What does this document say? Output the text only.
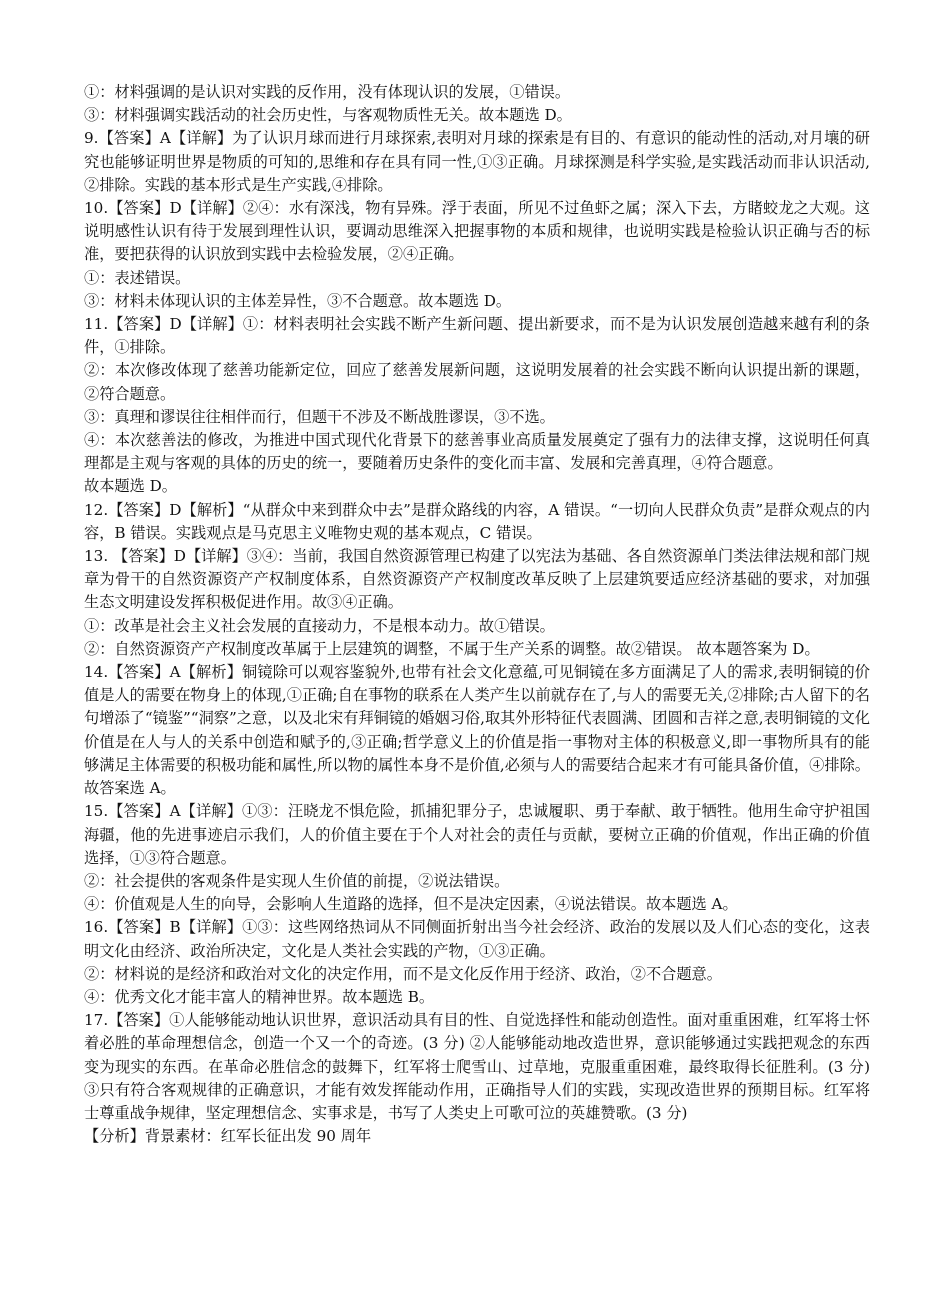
①：材料强调的是认识对实践的反作用，没有体现认识的发展，①错误。

③：材料强调实践活动的社会历史性，与客观物质性无关。故本题选 D。

9.【答案】A【详解】为了认识月球而进行月球探索,表明对月球的探索是有目的、有意识的能动性的活动,对月壤的研究也能够证明世界是物质的可知的,思维和存在具有同一性,①③正确。月球探测是科学实验,是实践活动而非认识活动,②排除。实践的基本形式是生产实践,④排除。

10.【答案】D【详解】②④：水有深浅，物有异殊。浮于表面，所见不过鱼虾之属；深入下去，方睹蛟龙之大观。这说明感性认识有待于发展到理性认识，要调动思维深入把握事物的本质和规律，也说明实践是检验认识正确与否的标准，要把获得的认识放到实践中去检验发展，②④正确。

①：表述错误。

③：材料未体现认识的主体差异性，③不合题意。故本题选 D。

11.【答案】D【详解】①：材料表明社会实践不断产生新问题、提出新要求，而不是为认识发展创造越来越有利的条件，①排除。

②：本次修改体现了慈善功能新定位，回应了慈善发展新问题，这说明发展着的社会实践不断向认识提出新的课题，②符合题意。

③：真理和谬误往往相伴而行，但题干不涉及不断战胜谬误，③不选。

④：本次慈善法的修改，为推进中国式现代化背景下的慈善事业高质量发展奠定了强有力的法律支撑，这说明任何真理都是主观与客观的具体的历史的统一，要随着历史条件的变化而丰富、发展和完善真理，④符合题意。

故本题选 D。

12.【答案】D【解析】“从群众中来到群众中去”是群众路线的内容，A 错误。“一切向人民群众负责”是群众观点的内容，B 错误。实践观点是马克思主义唯物史观的基本观点，C 错误。

13. 【答案】D【详解】③④：当前，我国自然资源管理已构建了以宪法为基础、各自然资源单门类法律法规和部门规章为骨干的自然资源资产产权制度体系，自然资源资产产权制度改革反映了上层建筑要适应经济基础的要求，对加强生态文明建设发挥积极促进作用。故③④正确。

①：改革是社会主义社会发展的直接动力，不是根本动力。故①错误。

②：自然资源资产产权制度改革属于上层建筑的调整，不属于生产关系的调整。故②错误。 故本题答案为 D。

14.【答案】A【解析】铜镜除可以观容鉴貌外,也带有社会文化意蕴,可见铜镜在多方面满足了人的需求,表明铜镜的价值是人的需要在物身上的体现,①正确;自在事物的联系在人类产生以前就存在了,与人的需要无关,②排除;古人留下的名句增添了“镜鉴”“洞察”之意，以及北宋有拜铜镜的婚姻习俗,取其外形特征代表圆满、团圆和吉祥之意,表明铜镜的文化价值是在人与人的关系中创造和赋予的,③正确;哲学意义上的价值是指一事物对主体的积极意义,即一事物所具有的能够满足主体需要的积极功能和属性,所以物的属性本身不是价值,必须与人的需要结合起来才有可能具备价值，④排除。故答案选 A。

15.【答案】A【详解】①③：汪晓龙不惧危险，抓捕犯罪分子，忠诚履职、勇于奉献、敢于牺牲。他用生命守护祖国海疆，他的先进事迹启示我们，人的价值主要在于个人对社会的责任与贡献，要树立正确的价值观，作出正确的价值选择，①③符合题意。

②：社会提供的客观条件是实现人生价值的前提，②说法错误。

④：价值观是人生的向导，会影响人生道路的选择，但不是决定因素，④说法错误。故本题选 A。

16.【答案】B【详解】①③：这些网络热词从不同侧面折射出当今社会经济、政治的发展以及人们心态的变化，这表明文化由经济、政治所决定，文化是人类社会实践的产物，①③正确。

②：材料说的是经济和政治对文化的决定作用，而不是文化反作用于经济、政治，②不合题意。

④：优秀文化才能丰富人的精神世界。故本题选 B。

17.【答案】①人能够能动地认识世界，意识活动具有目的性、自觉选择性和能动创造性。面对重重困难，红军将士怀着必胜的革命理想信念，创造一个又一个的奇迹。(3 分) ②人能够能动地改造世界，意识能够通过实践把观念的东西变为现实的东西。在革命必胜信念的鼓舞下，红军将士爬雪山、过草地，克服重重困难，最终取得长征胜利。(3 分) ③只有符合客观规律的正确意识，才能有效发挥能动作用，正确指导人们的实践，实现改造世界的预期目标。红军将士尊重战争规律，坚定理想信念、实事求是，书写了人类史上可歌可泣的英雄赞歌。(3 分)

【分析】背景素材：红军长征出发 90 周年
